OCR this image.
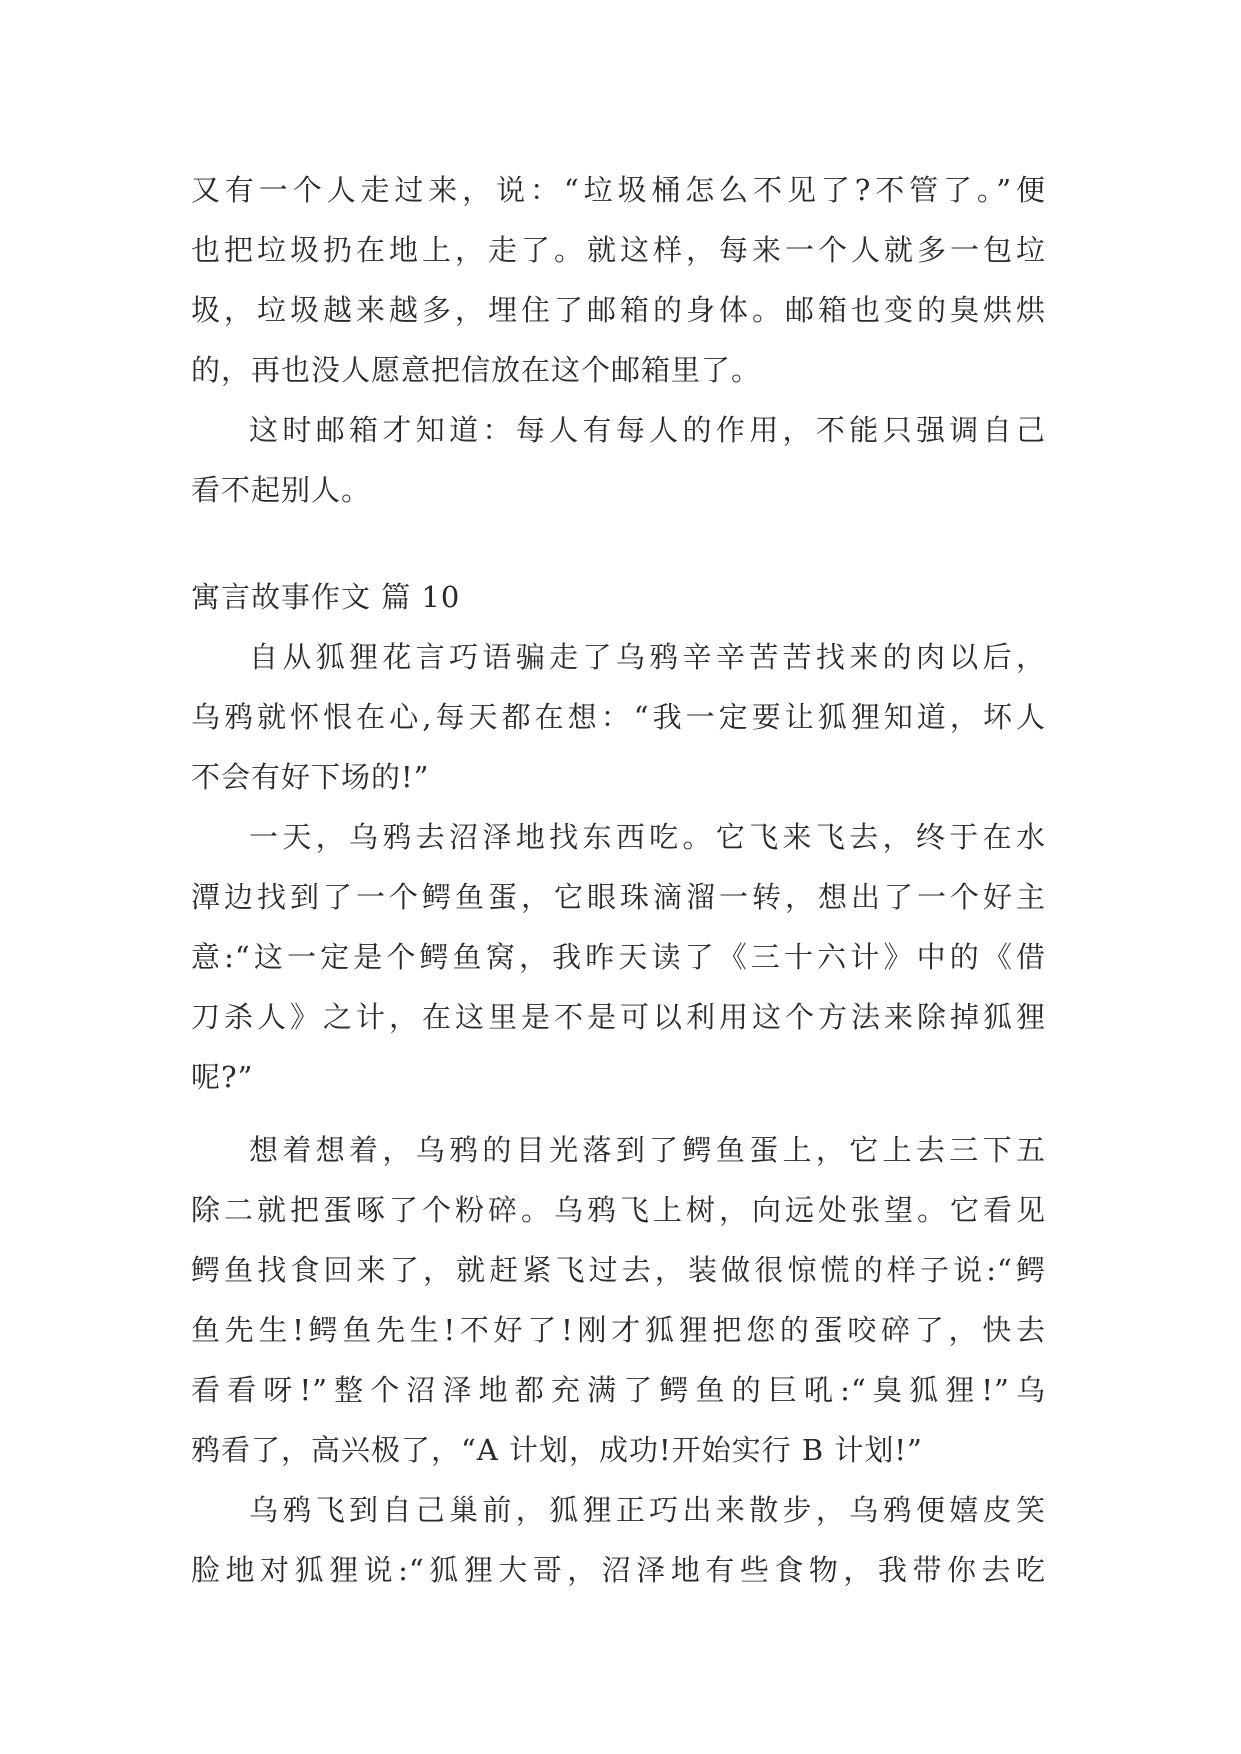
又有一个人走过来，说：“垃圾桶怎么不见了?不管了。”便
也把垃圾扔在地上，走了。就这样，每来一个人就多一包垃
圾，垃圾越来越多，埋住了邮箱的身体。邮箱也变的臭烘烘
的，再也没人愿意把信放在这个邮箱里了。
这时邮箱才知道：每人有每人的作用，不能只强调自己
看不起别人。
寓言故事作文 篇 10
自从狐狸花言巧语骗走了乌鸦辛辛苦苦找来的肉以后，
乌鸦就怀恨在心,每天都在想：“我一定要让狐狸知道，坏人
不会有好下场的!”
一天，乌鸦去沼泽地找东西吃。它飞来飞去，终于在水
潭边找到了一个鳄鱼蛋，它眼珠滴溜一转，想出了一个好主
意:“这一定是个鳄鱼窝，我昨天读了《三十六计》中的《借
刀杀人》之计，在这里是不是可以利用这个方法来除掉狐狸
呢?”
想着想着，乌鸦的目光落到了鳄鱼蛋上，它上去三下五
除二就把蛋啄了个粉碎。乌鸦飞上树，向远处张望。它看见
鳄鱼找食回来了，就赶紧飞过去，装做很惊慌的样子说:“鳄
鱼先生!鳄鱼先生!不好了!刚才狐狸把您的蛋咬碎了，快去
看看呀!”整个沼泽地都充满了鳄鱼的巨吼:“臭狐狸!”乌
鸦看了，高兴极了，“A 计划，成功!开始实行 B 计划!”
乌鸦飞到自己巢前，狐狸正巧出来散步，乌鸦便嬉皮笑
脸地对狐狸说:“狐狸大哥，沼泽地有些食物，我带你去吃
